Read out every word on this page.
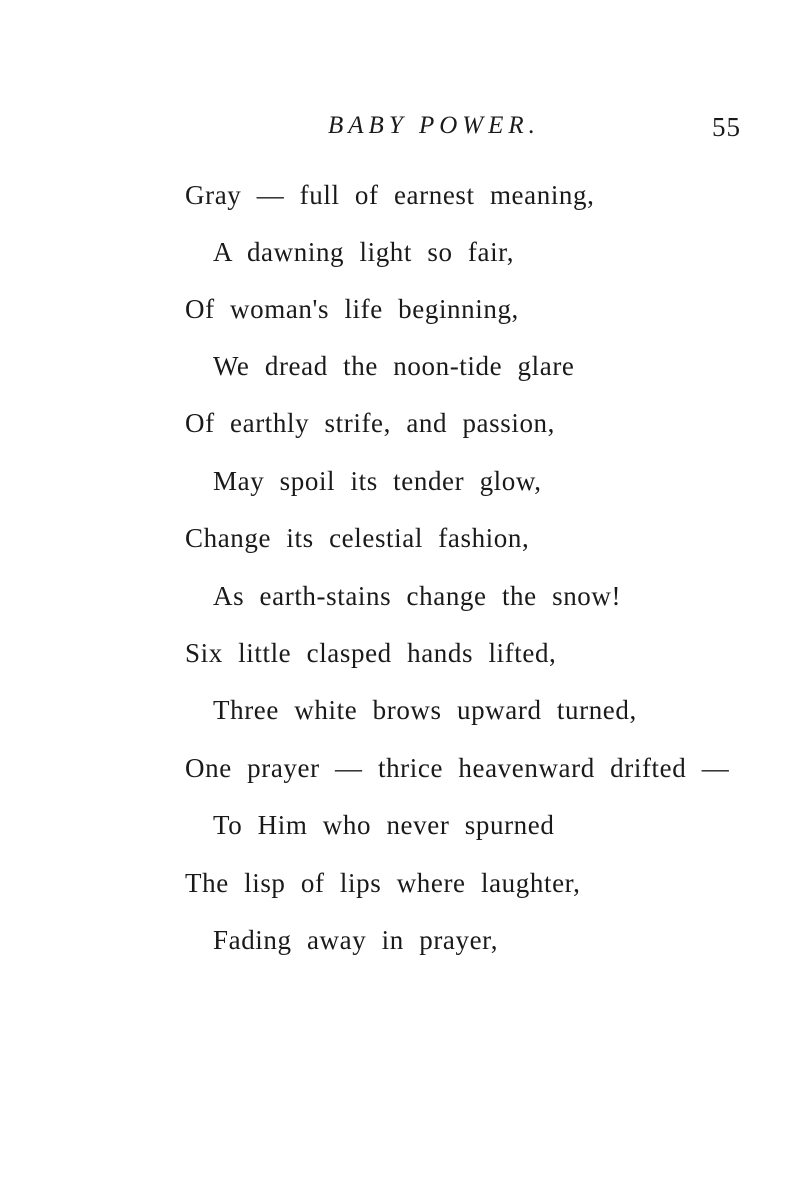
BABY POWER.	55
Gray — full of earnest meaning,
A dawning light so fair,
Of woman's life beginning,
We dread the noon-tide glare
Of earthly strife, and passion,
May spoil its tender glow,
Change its celestial fashion,
As earth-stains change the snow!
Six little clasped hands lifted,
Three white brows upward turned,
One prayer — thrice heavenward drifted —
To Him who never spurned
The lisp of lips where laughter,
Fading away in prayer,
